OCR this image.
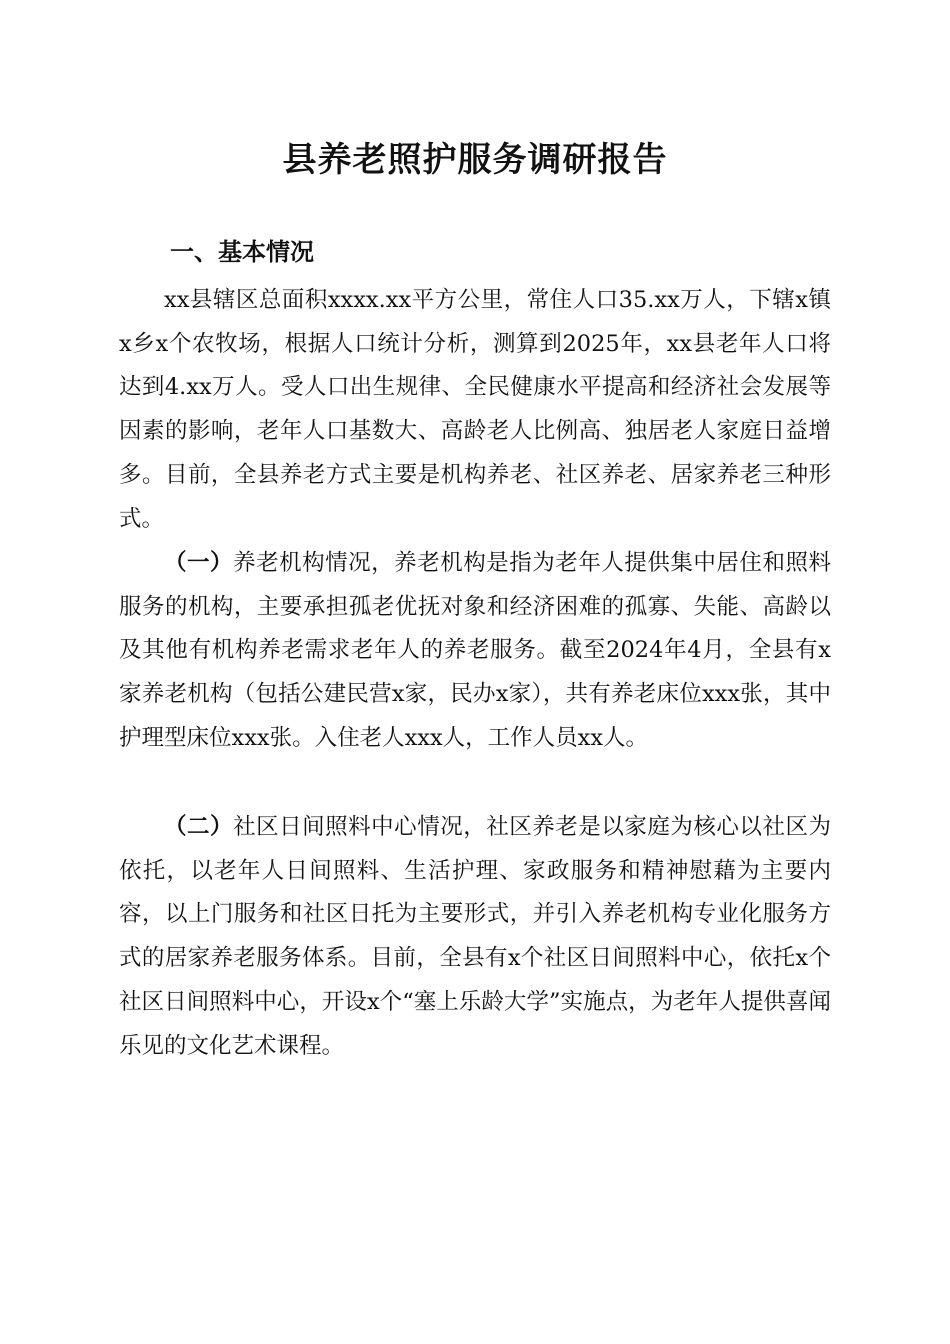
县养老照护服务调研报告
一、基本情况

xx县辖区总面积xxxx.xx平方公里，常住人口35.xx万人，下辖x镇x乡x个农牧场，根据人口统计分析，测算到2025年，xx县老年人口将达到4.xx万人。受人口出生规律、全民健康水平提高和经济社会发展等因素的影响，老年人口基数大、高龄老人比例高、独居老人家庭日益增多。目前，全县养老方式主要是机构养老、社区养老、居家养老三种形式。

（一）养老机构情况，养老机构是指为老年人提供集中居住和照料服务的机构，主要承担孤老优抚对象和经济困难的孤寡、失能、高龄以及其他有机构养老需求老年人的养老服务。截至2024年4月，全县有x家养老机构（包括公建民营x家，民办x家），共有养老床位xxx张，其中护理型床位xxx张。入住老人xxx人，工作人员xx人。

（二）社区日间照料中心情况，社区养老是以家庭为核心以社区为依托，以老年人日间照料、生活护理、家政服务和精神慰藉为主要内容，以上门服务和社区日托为主要形式，并引入养老机构专业化服务方式的居家养老服务体系。目前，全县有x个社区日间照料中心，依托x个社区日间照料中心，开设x个“塞上乐龄大学”实施点，为老年人提供喜闻乐见的文化艺术课程。
